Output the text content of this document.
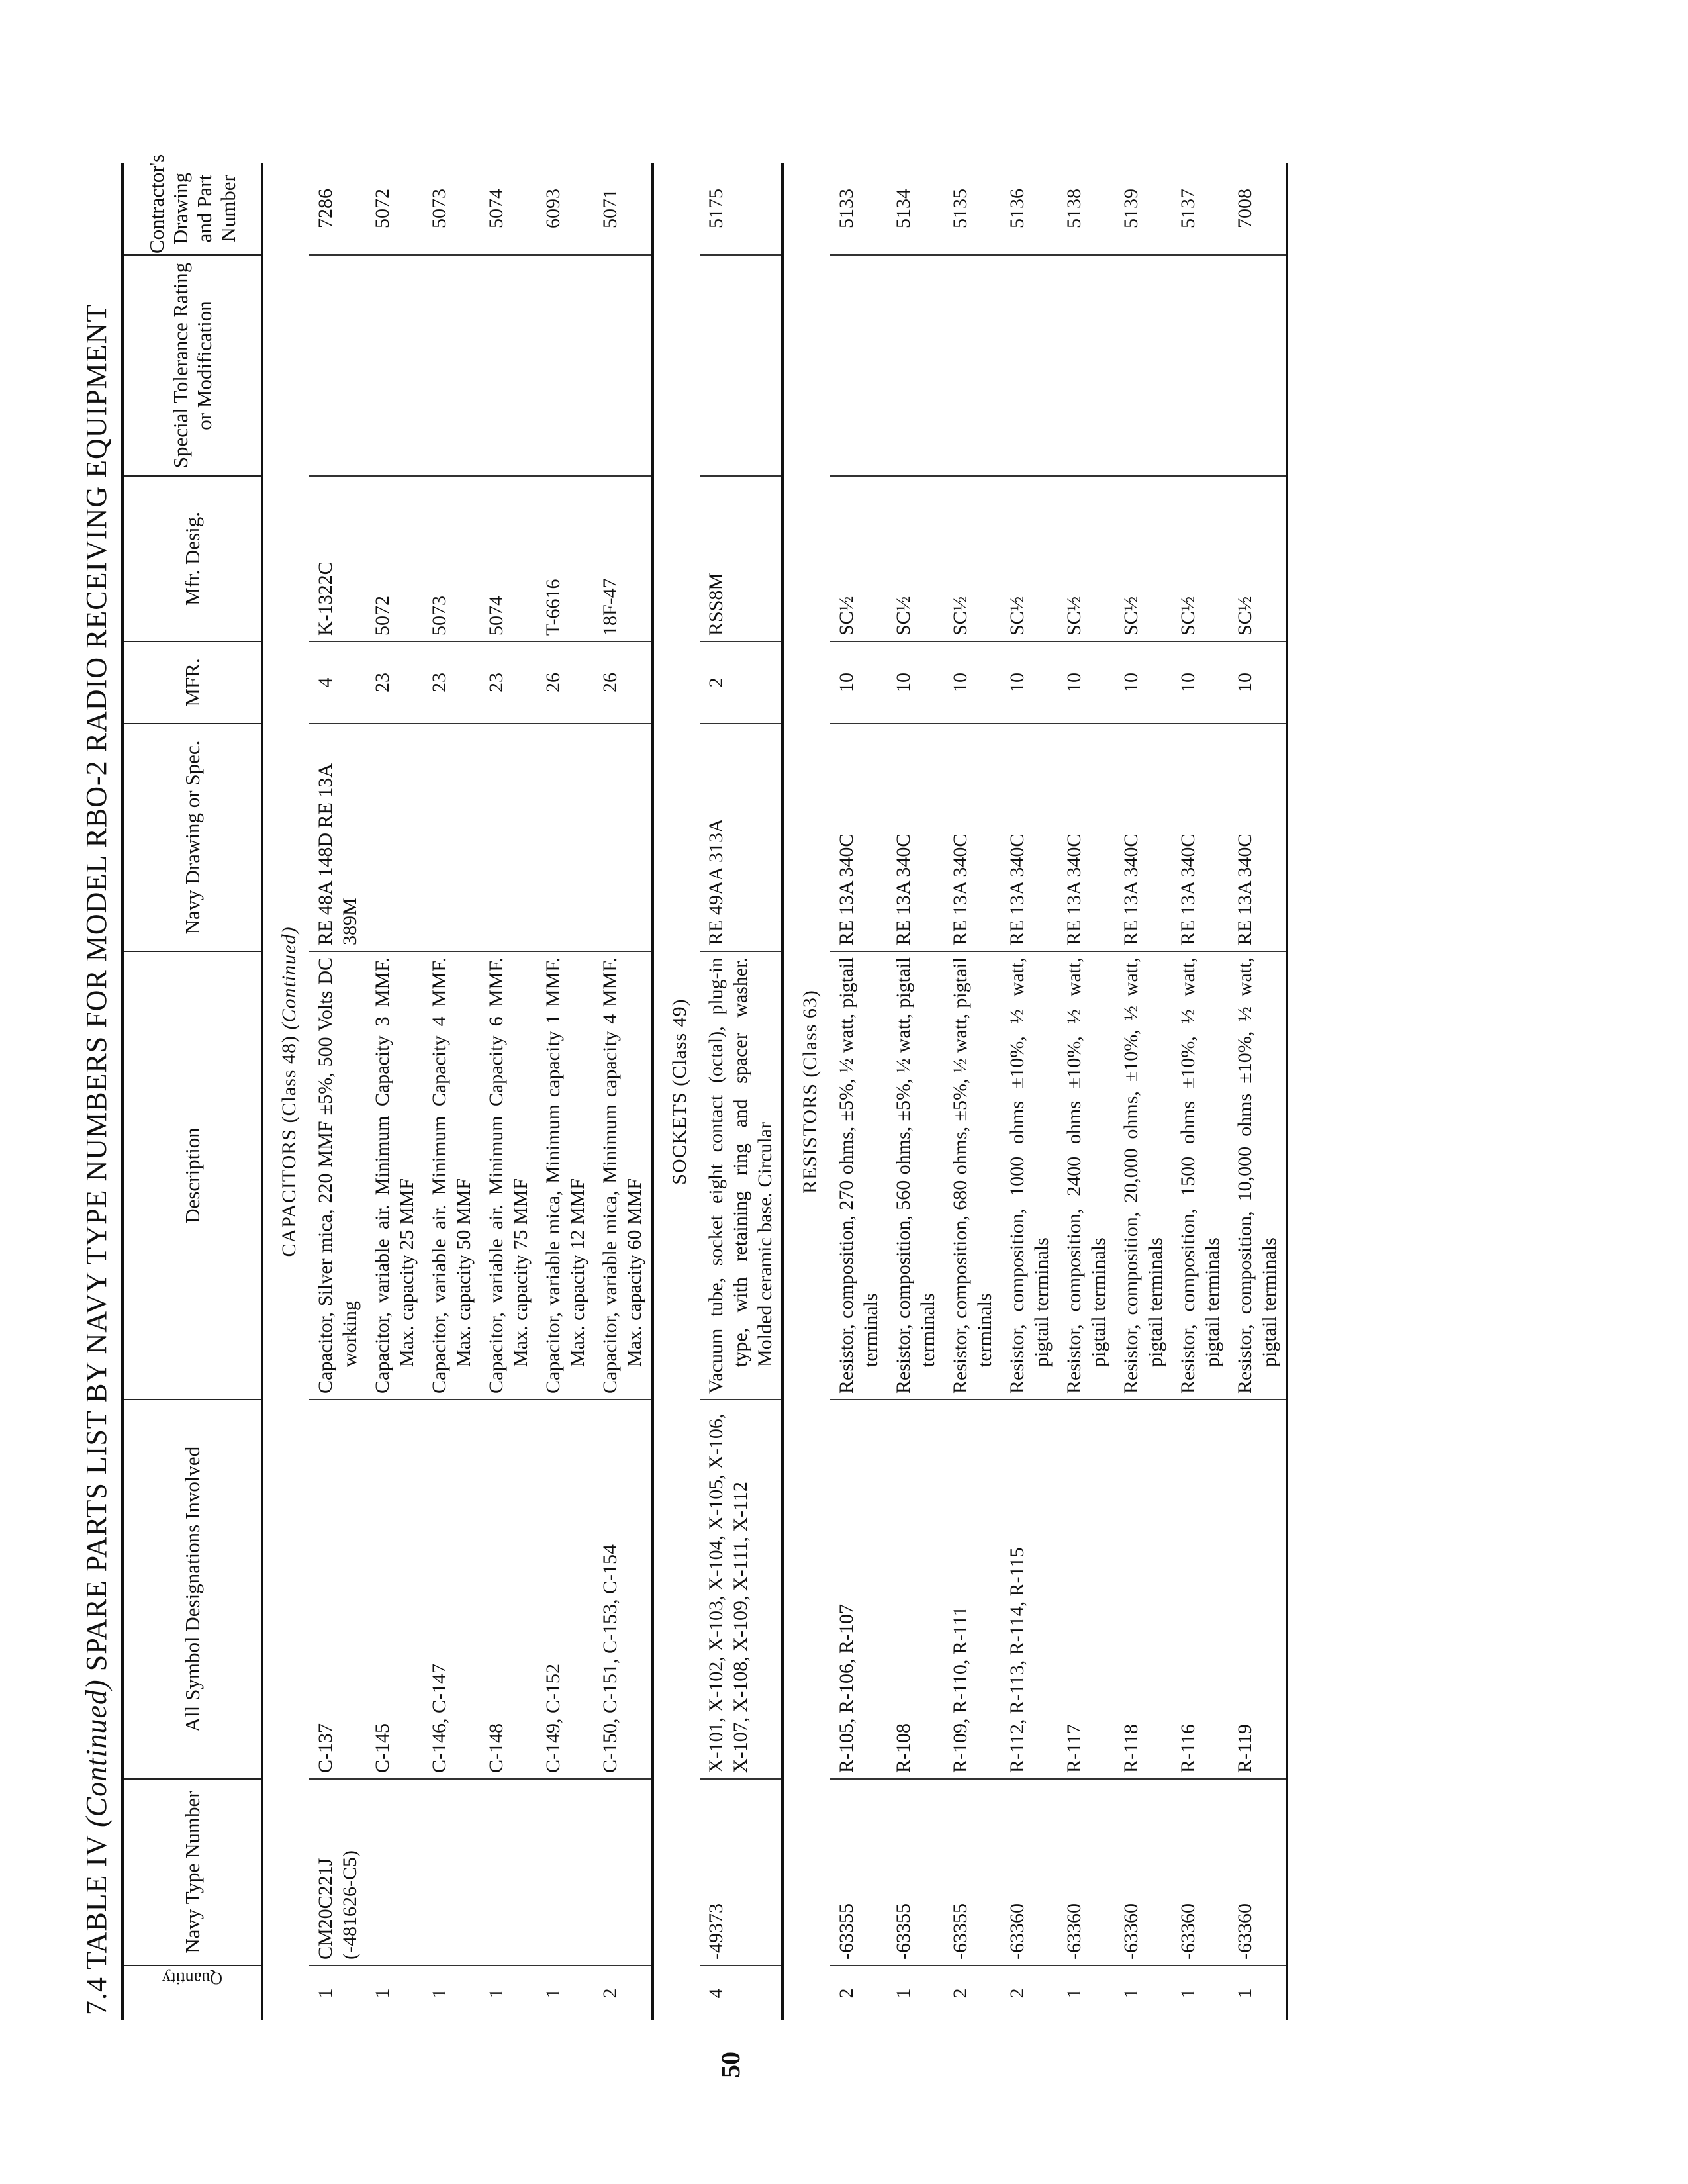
7.4 TABLE IV (Continued) SPARE PARTS LIST BY NAVY TYPE NUMBERS FOR MODEL RBO-2 RADIO RECEIVING EQUIPMENT
Quantity	Navy Type Number	All Symbol Designations Involved	Description	Navy Drawing or Spec.	MFR.	Mfr. Desig.	Special Tolerance Rating or Modification	Contractor's Drawing and Part Number
CAPACITORS (Class 48) (Continued)								
1	CM20C221J (-481626-C5)	C-137	Capacitor, Silver mica, 220 MMF ±5%, 500 Volts DC working	RE 48A 148D RE 13A 389M	4	K-1322C		7286
1		C-145	Capacitor, variable air. Minimum Capacity 3 MMF. Max. capacity 25 MMF		23	5072		5072
1		C-146, C-147	Capacitor, variable air. Minimum Capacity 4 MMF. Max. capacity 50 MMF		23	5073		5073
1		C-148	Capacitor, variable air. Minimum Capacity 6 MMF. Max. capacity 75 MMF		23	5074		5074
1		C-149, C-152	Capacitor, variable mica, Minimum capacity 1 MMF. Max. capacity 12 MMF		26	T-6616		6093
2		C-150, C-151, C-153, C-154	Capacitor, variable mica, Minimum capacity 4 MMF. Max. capacity 60 MMF		26	18F-47		5071

SOCKETS (Class 49)								
4	-49373	X-101, X-102, X-103, X-104, X-105, X-106, X-107, X-108, X-109, X-111, X-112	Vacuum tube, socket eight contact (octal), plug-in type, with retaining ring and spacer washer. Molded ceramic base. Circular	RE 49AA 313A	2	RSS8M		5175

RESISTORS (Class 63)								
2	-63355	R-105, R-106, R-107	Resistor, composition, 270 ohms, ±5%, ½ watt, pigtail terminals	RE 13A 340C	10	SC½		5133
1	-63355	R-108	Resistor, composition, 560 ohms, ±5%, ½ watt, pigtail terminals	RE 13A 340C	10	SC½		5134
2	-63355	R-109, R-110, R-111	Resistor, composition, 680 ohms, ±5%, ½ watt, pigtail terminals	RE 13A 340C	10	SC½		5135
2	-63360	R-112, R-113, R-114, R-115	Resistor, composition, 1000 ohms ±10%, ½ watt, pigtail terminals	RE 13A 340C	10	SC½		5136
1	-63360	R-117	Resistor, composition, 2400 ohms ±10%, ½ watt, pigtail terminals	RE 13A 340C	10	SC½		5138
1	-63360	R-118	Resistor, composition, 20,000 ohms, ±10%, ½ watt, pigtail terminals	RE 13A 340C	10	SC½		5139
1	-63360	R-116	Resistor, composition, 1500 ohms ±10%, ½ watt, pigtail terminals	RE 13A 340C	10	SC½		5137
1	-63360	R-119	Resistor, composition, 10,000 ohms ±10%, ½ watt, pigtail terminals	RE 13A 340C	10	SC½		7008
50
